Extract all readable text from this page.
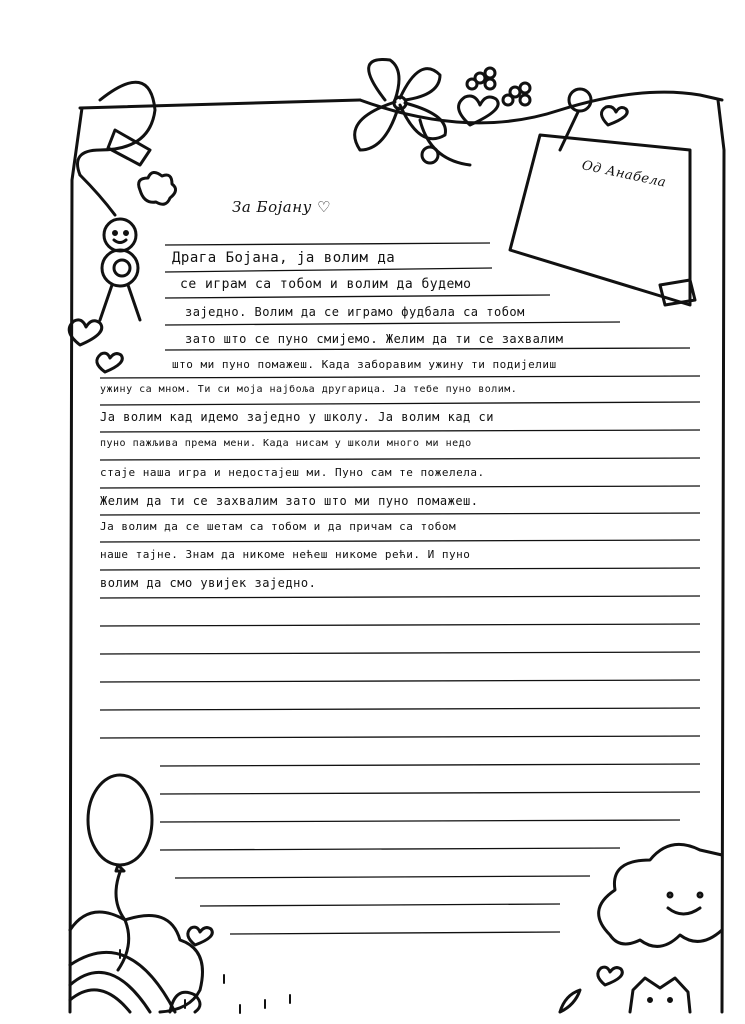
За Бојану ♡
Од Анабела
Драга Бојана, ја волим да
се играм са тобом и волим да будемо
заједно. Волим да се играмо фудбала са тобом
зато што се пуно смијемо. Желим да ти се захвалим
што ми пуно помажеш. Када заборавим ужину ти подијелиш
ужину са мном. Ти си моја најбоља другарица. Ја тебе пуно волим.
Ја волим кад идемо заједно у школу. Ја волим кад си
пуно пажљива према мени. Када нисам у школи много ми недо
стаје наша игра и недостајеш ми. Пуно сам те пожелела.
Желим да ти се захвалим зато што ми пуно помажеш.
Ја волим да се шетам са тобом и да причам са тобом
наше тајне. Знам да никоме нећеш никоме рећи. И пуно
волим да смо увијек заједно.
